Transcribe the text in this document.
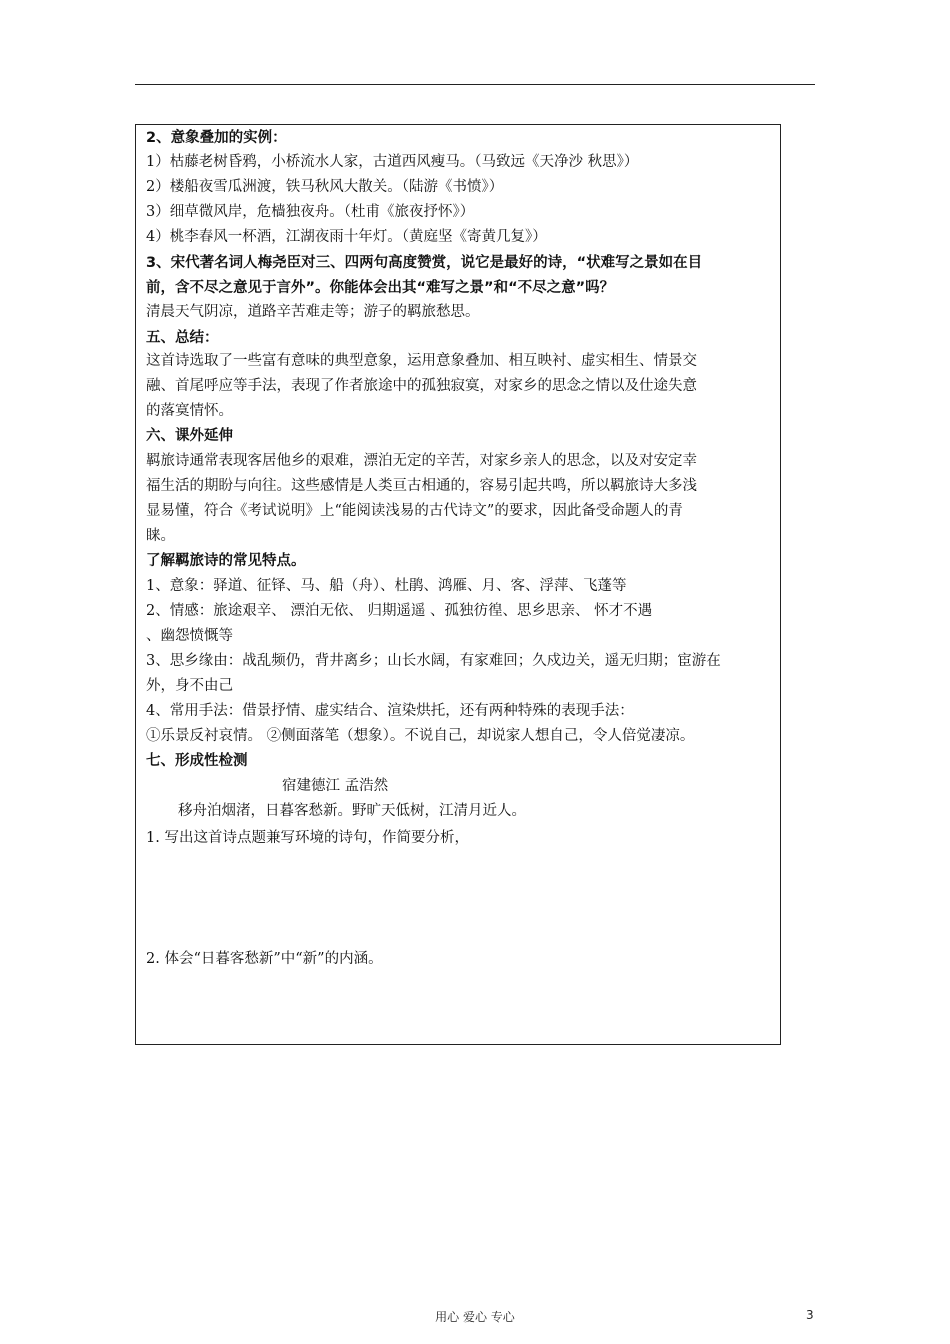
2、意象叠加的实例：
1）枯藤老树昏鸦，小桥流水人家，古道西风瘦马。（马致远《天净沙 秋思》）
2）楼船夜雪瓜洲渡，铁马秋风大散关。（陆游《书愤》）
3）细草微风岸，危樯独夜舟。（杜甫《旅夜抒怀》）
4）桃李春风一杯酒，江湖夜雨十年灯。（黄庭坚《寄黄几复》）
3、宋代著名词人梅尧臣对三、四两句高度赞赏，说它是最好的诗，“状难写之景如在目
前，含不尽之意见于言外”。你能体会出其“难写之景”和“不尽之意”吗？
清晨天气阴凉，道路辛苦难走等；游子的羁旅愁思。
五、总结：
这首诗选取了一些富有意味的典型意象，运用意象叠加、相互映衬、虚实相生、情景交
融、首尾呼应等手法，表现了作者旅途中的孤独寂寞，对家乡的思念之情以及仕途失意
的落寞情怀。
六、课外延伸
羁旅诗通常表现客居他乡的艰难，漂泊无定的辛苦，对家乡亲人的思念，以及对安定幸
福生活的期盼与向往。这些感情是人类亘古相通的，容易引起共鸣，所以羁旅诗大多浅
显易懂，符合《考试说明》上“能阅读浅易的古代诗文”的要求，因此备受命题人的青
睐。
了解羁旅诗的常见特点。
1、意象：驿道、征铎、马、船（舟）、杜鹃、鸿雁、月、客、浮萍、飞蓬等
2、情感：旅途艰辛、 漂泊无依、 归期遥遥 、孤独彷徨、思乡思亲、 怀才不遇
、幽怨愤慨等
3、思乡缘由：战乱频仍，背井离乡；山长水阔，有家难回；久戍边关，遥无归期；宦游在
外，身不由己
4、常用手法：借景抒情、虚实结合、渲染烘托，还有两种特殊的表现手法：
①乐景反衬哀情。 ②侧面落笔（想象）。不说自己，却说家人想自己，令人倍觉凄凉。
七、形成性检测
宿建德江 孟浩然
移舟泊烟渚，日暮客愁新。野旷天低树，江清月近人。
1. 写出这首诗点题兼写环境的诗句，作简要分析，
2. 体会“日暮客愁新”中“新”的内涵。
用心 爱心 专心	3
